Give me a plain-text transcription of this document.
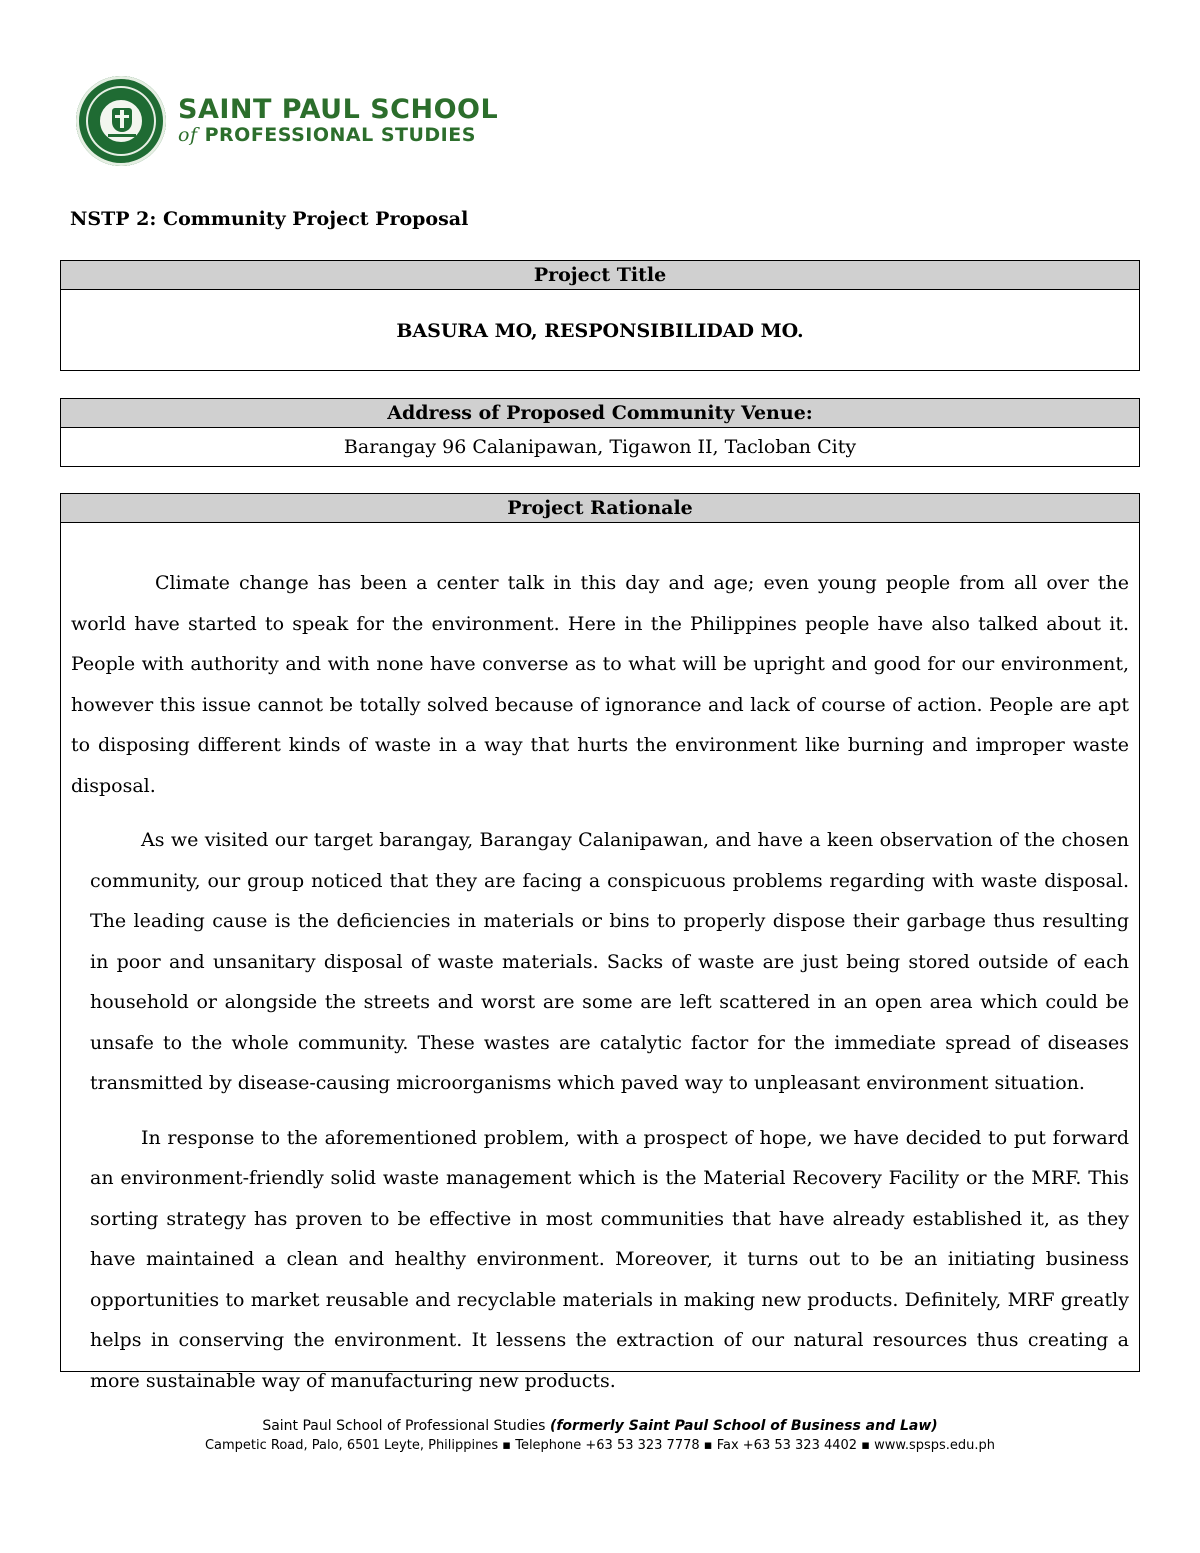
SAINT PAUL SCHOOL
of PROFESSIONAL STUDIES
NSTP 2: Community Project Proposal
Project Title
BASURA MO, RESPONSIBILIDAD MO.
Address of Proposed Community Venue:
Barangay 96 Calanipawan, Tigawon II, Tacloban City
Project Rationale

Climate change has been a center talk in this day and age; even young people from all over the world have started to speak for the environment. Here in the Philippines people have also talked about it. People with authority and with none have converse as to what will be upright and good for our environment, however this issue cannot be totally solved because of ignorance and lack of course of action. People are apt to disposing different kinds of waste in a way that hurts the environment like burning and improper waste disposal.

As we visited our target barangay, Barangay Calanipawan, and have a keen observation of the chosen community, our group noticed that they are facing a conspicuous problems regarding with waste disposal. The leading cause is the deficiencies in materials or bins to properly dispose their garbage thus resulting in poor and unsanitary disposal of waste materials. Sacks of waste are just being stored outside of each household or alongside the streets and worst are some are left scattered in an open area which could be unsafe to the whole community. These wastes are catalytic factor for the immediate spread of diseases transmitted by disease-causing microorganisms which paved way to unpleasant environment situation.

In response to the aforementioned problem, with a prospect of hope, we have decided to put forward an environment-friendly solid waste management which is the Material Recovery Facility or the MRF. This sorting strategy has proven to be effective in most communities that have already established it, as they have maintained a clean and healthy environment. Moreover, it turns out to be an initiating business opportunities to market reusable and recyclable materials in making new products. Definitely, MRF greatly helps in conserving the environment. It lessens the extraction of our natural resources thus creating a more sustainable way of manufacturing new products.

Saint Paul School of Professional Studies (formerly Saint Paul School of Business and Law)
Campetic Road, Palo, 6501 Leyte, Philippines ▪ Telephone +63 53 323 7778 ▪ Fax +63 53 323 4402 ▪ www.spsps.edu.ph
